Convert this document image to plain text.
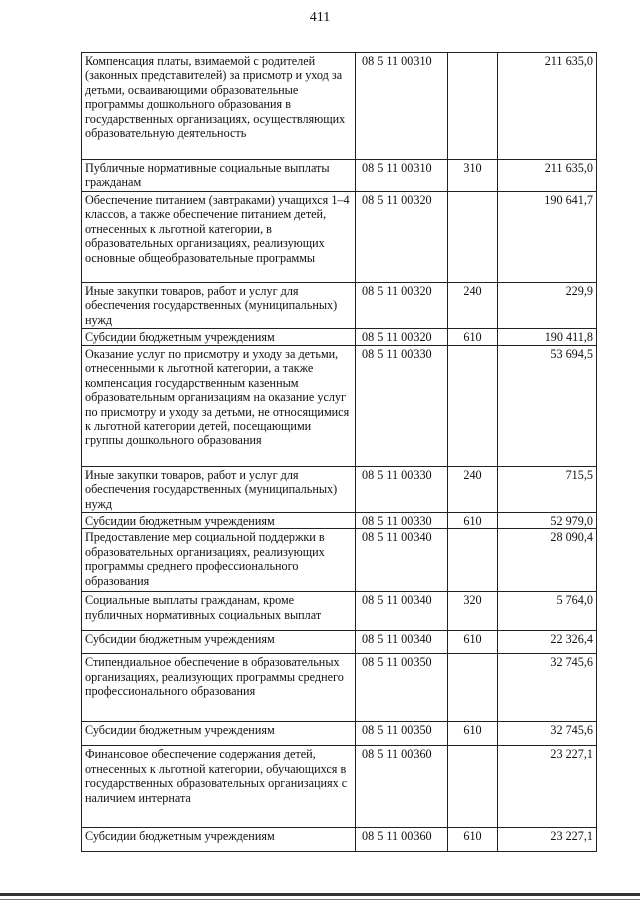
411
Компенсация платы, взимаемой с родителей (законных представителей) за присмотр и уход за детьми, осваивающими образовательные программы дошкольного образования в государственных организациях, осуществляющих образовательную деятельность	08 5 11 00310		211 635,0
Публичные нормативные социальные выплаты гражданам	08 5 11 00310	310	211 635,0
Обеспечение питанием (завтраками) учащихся 1–4 классов, а также обеспечение питанием детей, отнесенных к льготной категории, в образовательных организациях, реализующих основные общеобразовательные программы	08 5 11 00320		190 641,7
Иные закупки товаров, работ и услуг для обеспечения государственных (муниципальных) нужд	08 5 11 00320	240	229,9
Субсидии бюджетным учреждениям	08 5 11 00320	610	190 411,8
Оказание услуг по присмотру и уходу за детьми, отнесенными к льготной категории, а также компенсация государственным казенным образовательным организациям на оказание услуг по присмотру и уходу за детьми, не относящимися к льготной категории детей, посещающими группы дошкольного образования	08 5 11 00330		53 694,5
Иные закупки товаров, работ и услуг для обеспечения государственных (муниципальных) нужд	08 5 11 00330	240	715,5
Субсидии бюджетным учреждениям	08 5 11 00330	610	52 979,0
Предоставление мер социальной поддержки в образовательных организациях, реализующих программы среднего профессионального образования	08 5 11 00340		28 090,4
Социальные выплаты гражданам, кроме публичных нормативных социальных выплат	08 5 11 00340	320	5 764,0
Субсидии бюджетным учреждениям	08 5 11 00340	610	22 326,4
Стипендиальное обеспечение в образовательных организациях, реализующих программы среднего профессионального образования	08 5 11 00350		32 745,6
Субсидии бюджетным учреждениям	08 5 11 00350	610	32 745,6
Финансовое обеспечение содержания детей, отнесенных к льготной категории, обучающихся в государственных образовательных организациях с наличием интерната	08 5 11 00360		23 227,1
Субсидии бюджетным учреждениям	08 5 11 00360	610	23 227,1
